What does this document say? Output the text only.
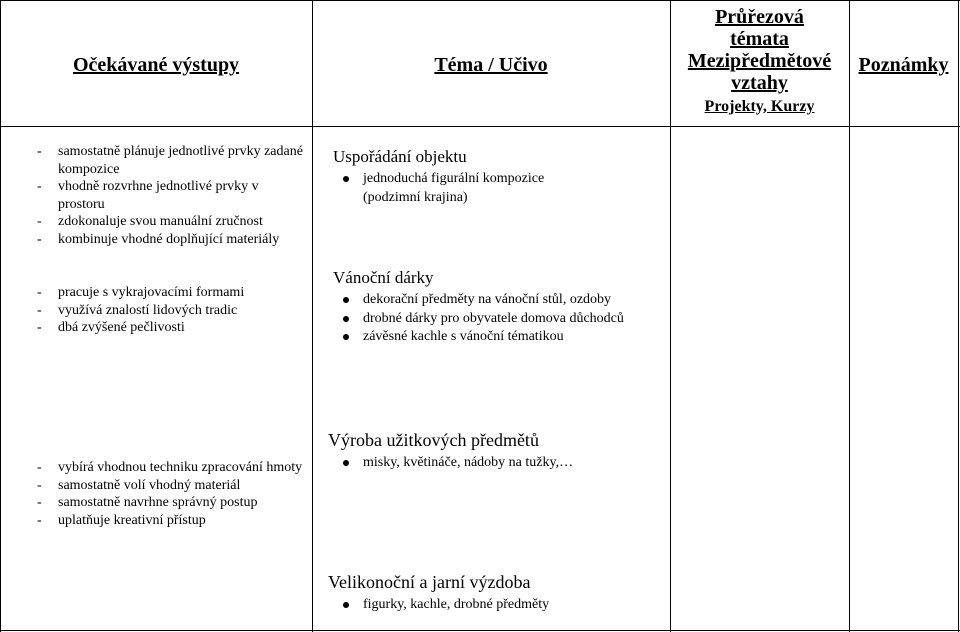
Očekávané výstupy	Téma / Učivo
Průřezová
témata
Mezipředmětové
vztahy
Projekty, Kurzy
Poznámky
- samostatně plánuje jednotlivé prvky zadané kompozice
- vhodně rozvrhne jednotlivé prvky v prostoru
- zdokonaluje svou manuální zručnost
- kombinuje vhodné doplňující materiály
Uspořádání objektu
jednoduchá figurální kompozice (podzimní krajina)
- pracuje s vykrajovacími formami
- využívá znalostí lidových tradic
- dbá zvýšené pečlivosti
Vánoční dárky
dekorační předměty na vánoční stůl, ozdoby
drobné dárky pro obyvatele domova důchodců
závěsné kachle s vánoční tématikou
- vybírá vhodnou techniku zpracování hmoty
- samostatně volí vhodný materiál
- samostatně navrhne správný postup
- uplatňuje kreativní přístup
Výroba užitkových předmětů
misky, květináče, nádoby na tužky,…
Velikonoční a jarní výzdoba
figurky, kachle, drobné předměty
